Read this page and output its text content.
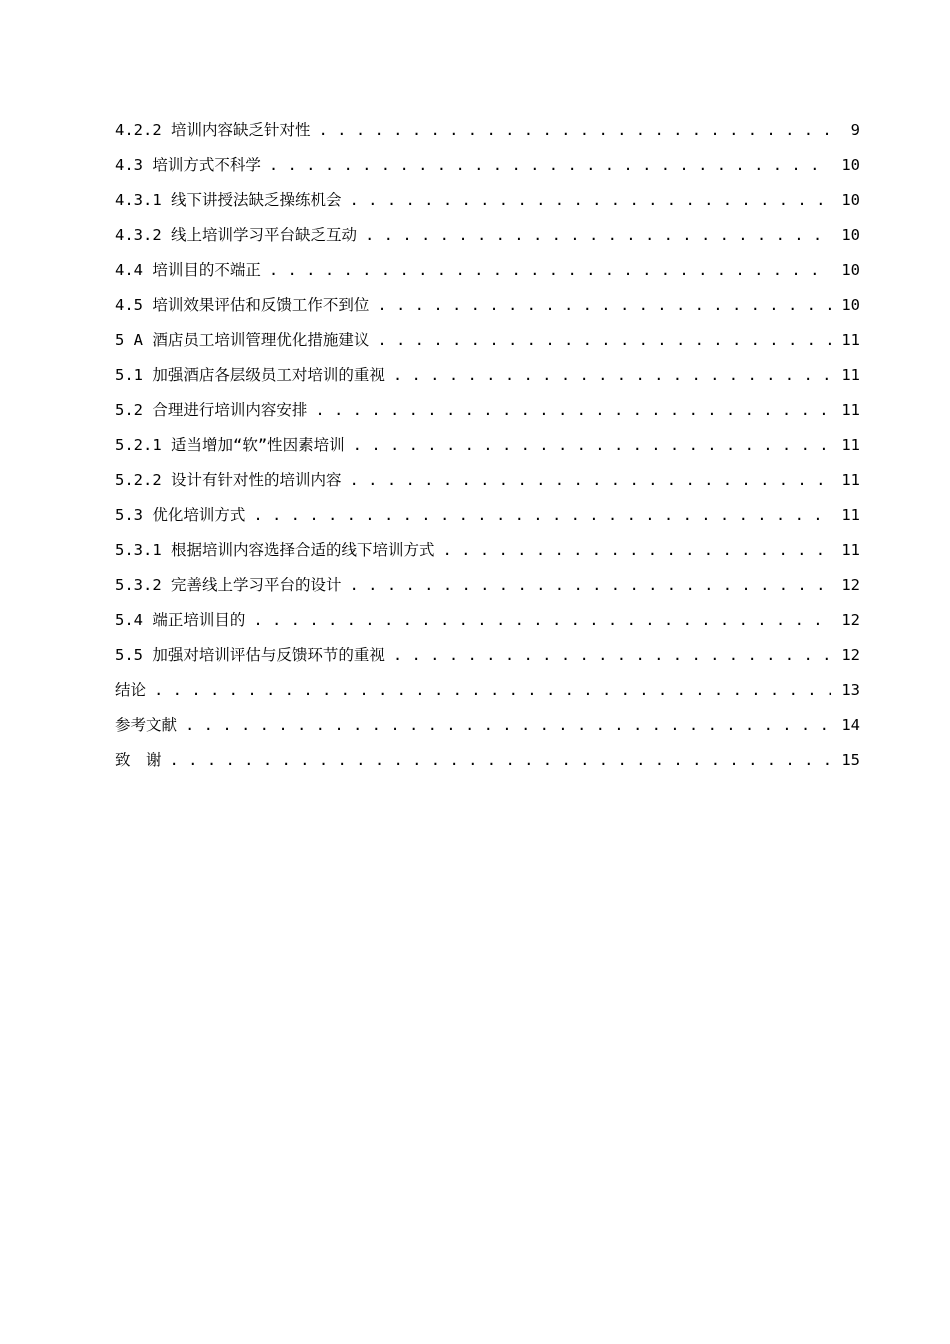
4.2.2 培训内容缺乏针对性 . . .	9
4.3 培训方式不科学 . . .	10
4.3.1 线下讲授法缺乏操练机会 . . .	10
4.3.2 线上培训学习平台缺乏互动 . . .	10
4.4 培训目的不端正 . . .	10
4.5 培训效果评估和反馈工作不到位 . . .	10
5 A 酒店员工培训管理优化措施建议 . . .	11
5.1 加强酒店各层级员工对培训的重视 . . .	11
5.2 合理进行培训内容安排 . . .	11
5.2.1 适当增加“软”性因素培训 . . .	11
5.2.2 设计有针对性的培训内容 . . .	11
5.3 优化培训方式 . . .	11
5.3.1 根据培训内容选择合适的线下培训方式 . . .	11
5.3.2 完善线上学习平台的设计 . . .	12
5.4 端正培训目的 . . .	12
5.5 加强对培训评估与反馈环节的重视 . . .	12
结论 . . .	13
参考文献 . . .	14
致　谢 . . .	15
